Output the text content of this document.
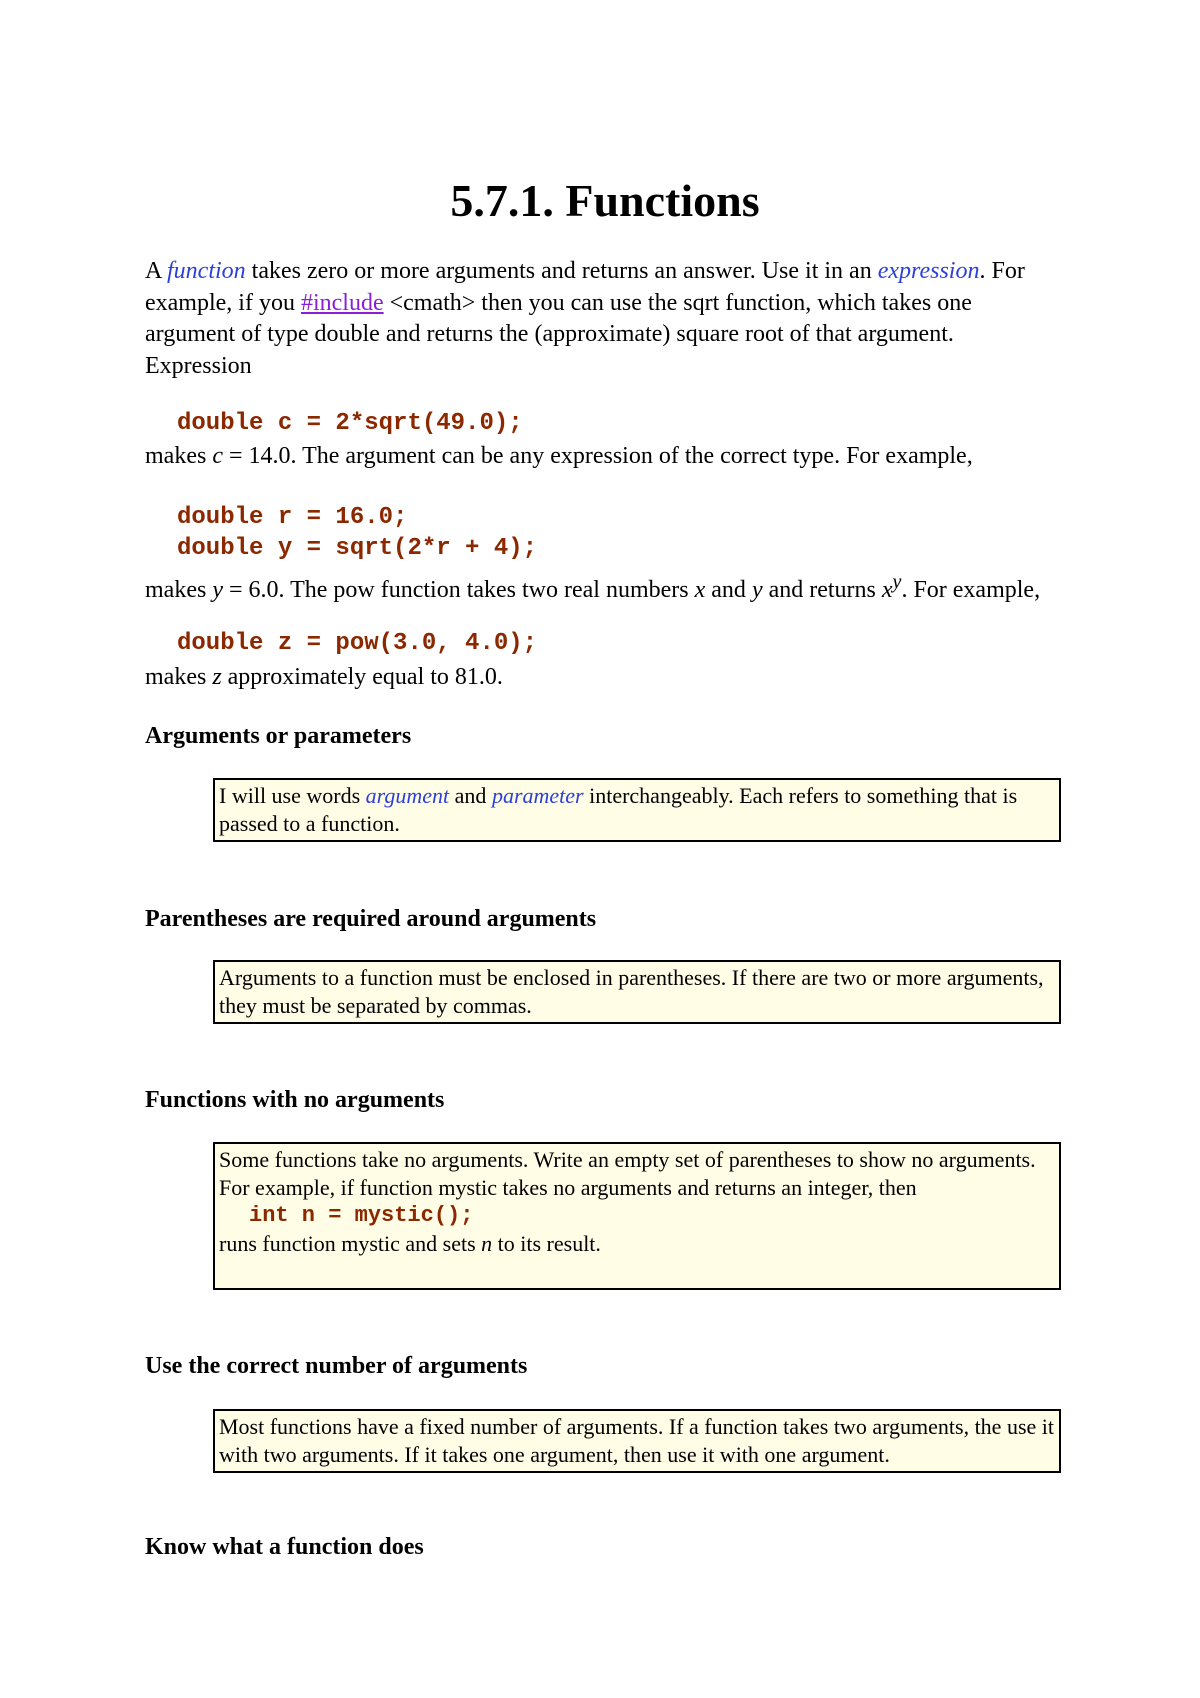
5.7.1. Functions

A function takes zero or more arguments and returns an answer. Use it in an expression. For example, if you #include <cmath> then you can use the sqrt function, which takes one argument of type double and returns the (approximate) square root of that argument. Expression

double c = 2*sqrt(49.0);

makes c = 14.0. The argument can be any expression of the correct type. For example,

double r = 16.0;
double y = sqrt(2*r + 4);

makes y = 6.0. The pow function takes two real numbers x and y and returns $x^y$. For example,

double z = pow(3.0, 4.0);

makes z approximately equal to 81.0.

Arguments or parameters
I will use words argument and parameter interchangeably. Each refers to something that is passed to a function.
Parentheses are required around arguments
Arguments to a function must be enclosed in parentheses. If there are two or more arguments, they must be separated by commas.
Functions with no arguments
Some functions take no arguments. Write an empty set of parentheses to show no arguments. For example, if function mystic takes no arguments and returns an integer, then
int n = mystic();
runs function mystic and sets n to its result.
Use the correct number of arguments
Most functions have a fixed number of arguments. If a function takes two arguments, the use it with two arguments. If it takes one argument, then use it with one argument.
Know what a function does
